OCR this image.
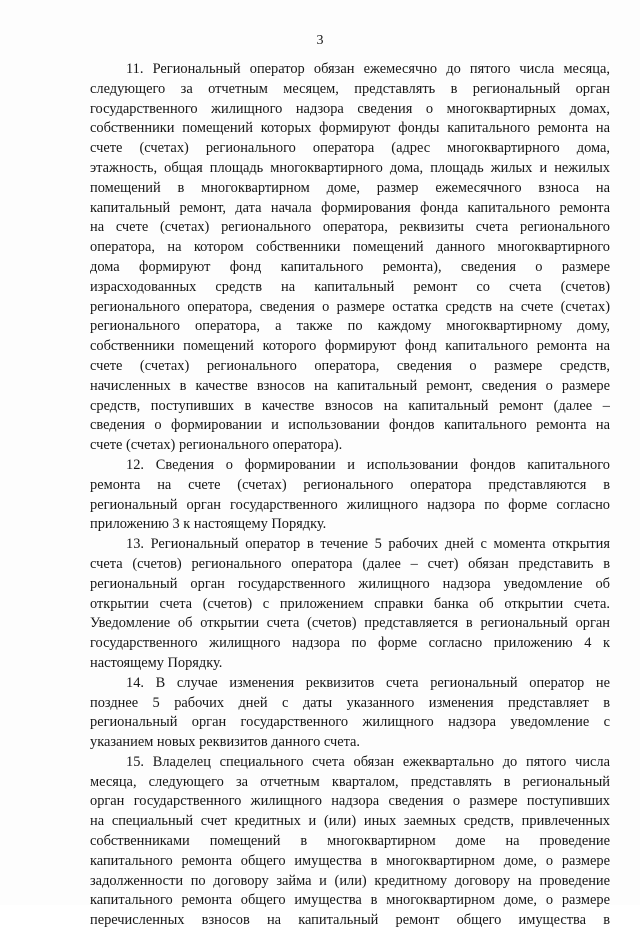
3
11. Региональный оператор обязан ежемесячно до пятого числа месяца,
следующего за отчетным месяцем, представлять в региональный орган
государственного жилищного надзора сведения о многоквартирных домах,
собственники помещений которых формируют фонды капитального ремонта на
счете (счетах) регионального оператора (адрес многоквартирного дома,
этажность, общая площадь многоквартирного дома, площадь жилых и нежилых
помещений в многоквартирном доме, размер ежемесячного взноса на
капитальный ремонт, дата начала формирования фонда капитального ремонта
на счете (счетах) регионального оператора, реквизиты счета регионального
оператора, на котором собственники помещений данного многоквартирного
дома формируют фонд капитального ремонта), сведения о размере
израсходованных средств на капитальный ремонт со счета (счетов)
регионального оператора, сведения о размере остатка средств на счете (счетах)
регионального оператора, а также по каждому многоквартирному дому,
собственники помещений которого формируют фонд капитального ремонта на
счете (счетах) регионального оператора, сведения о размере средств,
начисленных в качестве взносов на капитальный ремонт, сведения о размере
средств, поступивших в качестве взносов на капитальный ремонт (далее –
сведения о формировании и использовании фондов капитального ремонта на
счете (счетах) регионального оператора).
12. Сведения о формировании и использовании фондов капитального
ремонта на счете (счетах) регионального оператора представляются в
региональный орган государственного жилищного надзора по форме согласно
приложению 3 к настоящему Порядку.
13. Региональный оператор в течение 5 рабочих дней с момента открытия
счета (счетов) регионального оператора (далее – счет) обязан представить в
региональный орган государственного жилищного надзора уведомление об
открытии счета (счетов) с приложением справки банка об открытии счета.
Уведомление об открытии счета (счетов) представляется в региональный орган
государственного жилищного надзора по форме согласно приложению 4 к
настоящему Порядку.
14. В случае изменения реквизитов счета региональный оператор не
позднее 5 рабочих дней с даты указанного изменения представляет в
региональный орган государственного жилищного надзора уведомление с
указанием новых реквизитов данного счета.
15. Владелец специального счета обязан ежеквартально до пятого числа
месяца, следующего за отчетным кварталом, представлять в региональный
орган государственного жилищного надзора сведения о размере поступивших
на специальный счет кредитных и (или) иных заемных средств, привлеченных
собственниками помещений в многоквартирном доме на проведение
капитального ремонта общего имущества в многоквартирном доме, о размере
задолженности по договору займа и (или) кредитному договору на проведение
капитального ремонта общего имущества в многоквартирном доме, о размере
перечисленных взносов на капитальный ремонт общего имущества в
